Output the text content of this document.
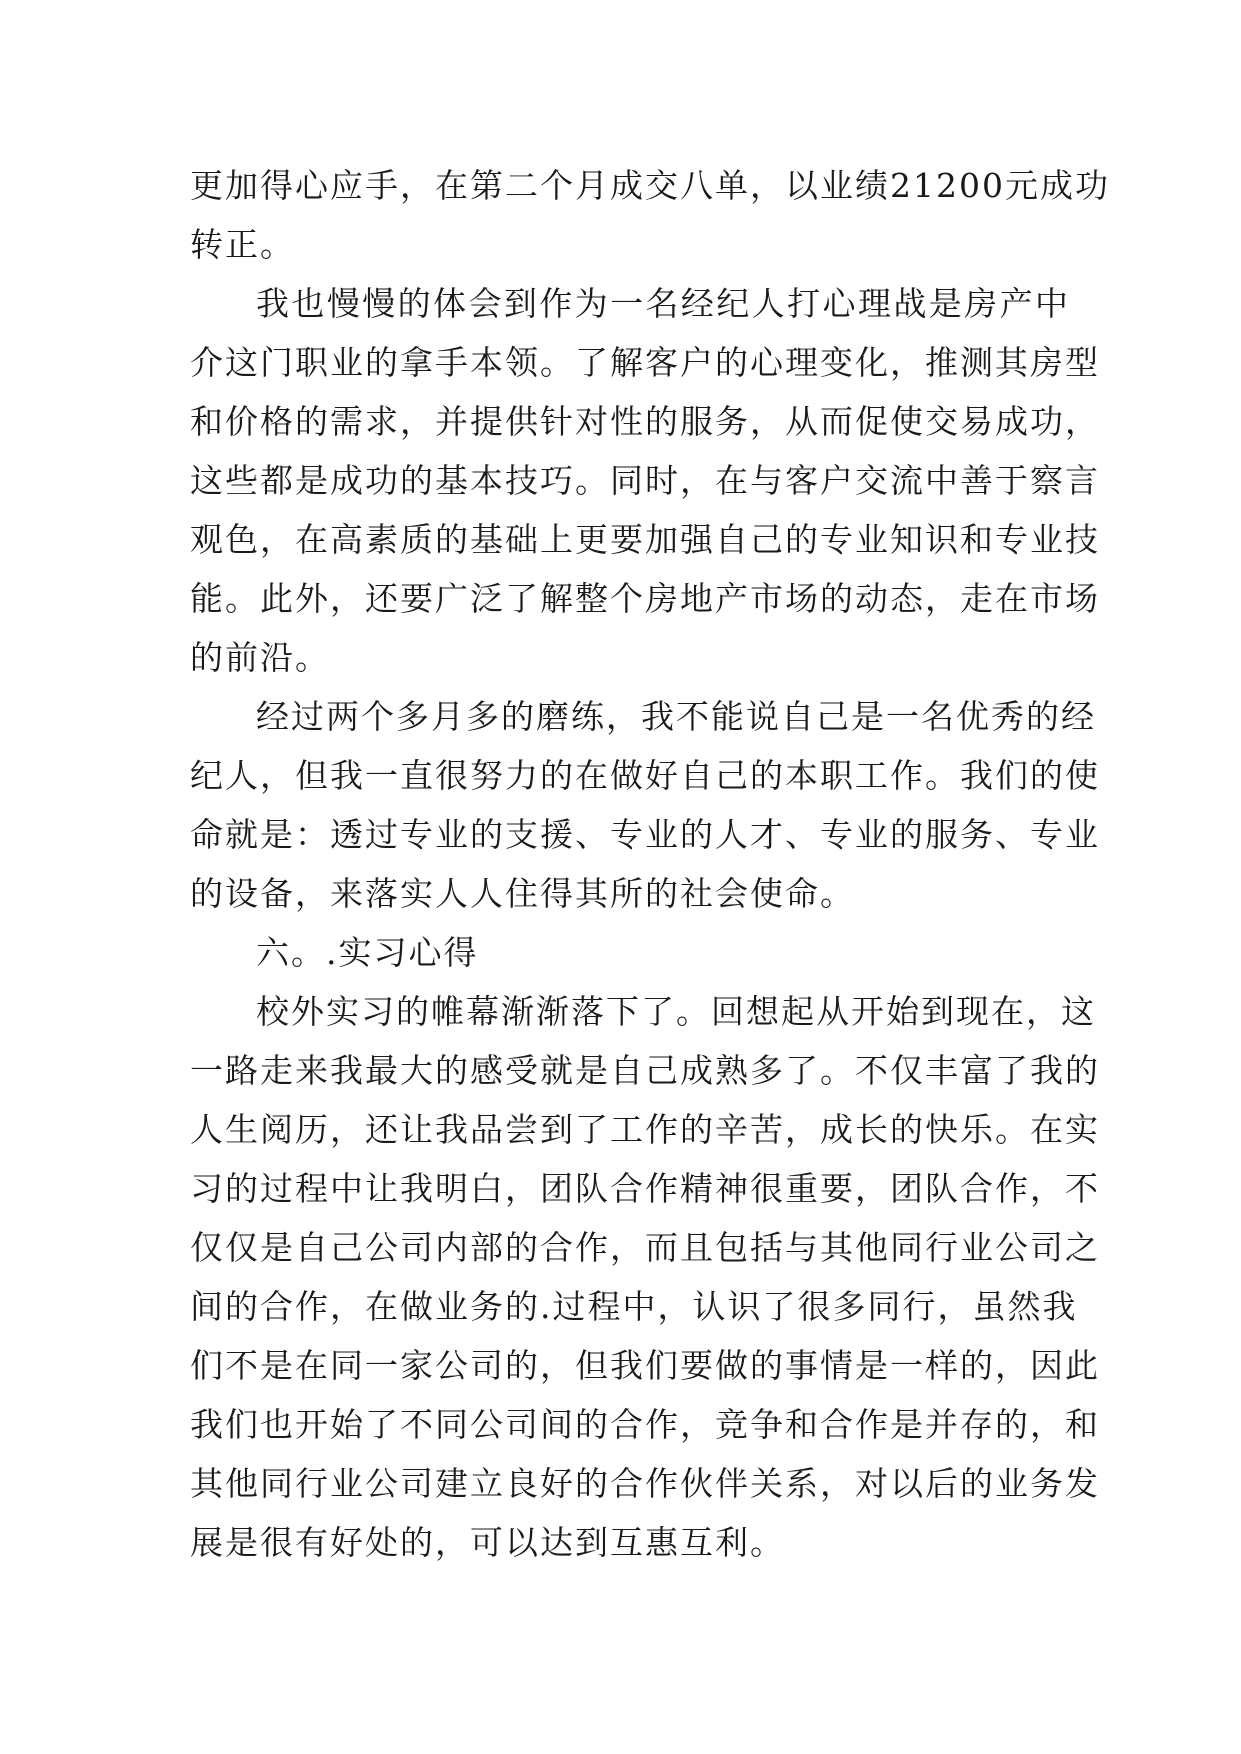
更加得心应手，在第二个月成交八单，以业绩21200元成功
转正。
我也慢慢的体会到作为一名经纪人打心理战是房产中
介这门职业的拿手本领。了解客户的心理变化，推测其房型
和价格的需求，并提供针对性的服务，从而促使交易成功，
这些都是成功的基本技巧。同时，在与客户交流中善于察言
观色，在高素质的基础上更要加强自己的专业知识和专业技
能。此外，还要广泛了解整个房地产市场的动态，走在市场
的前沿。
经过两个多月多的磨练，我不能说自己是一名优秀的经
纪人，但我一直很努力的在做好自己的本职工作。我们的使
命就是：透过专业的支援、专业的人才、专业的服务、专业
的设备，来落实人人住得其所的社会使命。
六。.实习心得
校外实习的帷幕渐渐落下了。回想起从开始到现在，这
一路走来我最大的感受就是自己成熟多了。不仅丰富了我的
人生阅历，还让我品尝到了工作的辛苦，成长的快乐。在实
习的过程中让我明白，团队合作精神很重要，团队合作，不
仅仅是自己公司内部的合作，而且包括与其他同行业公司之
间的合作，在做业务的.过程中，认识了很多同行，虽然我
们不是在同一家公司的，但我们要做的事情是一样的，因此
我们也开始了不同公司间的合作，竞争和合作是并存的，和
其他同行业公司建立良好的合作伙伴关系，对以后的业务发
展是很有好处的，可以达到互惠互利。
